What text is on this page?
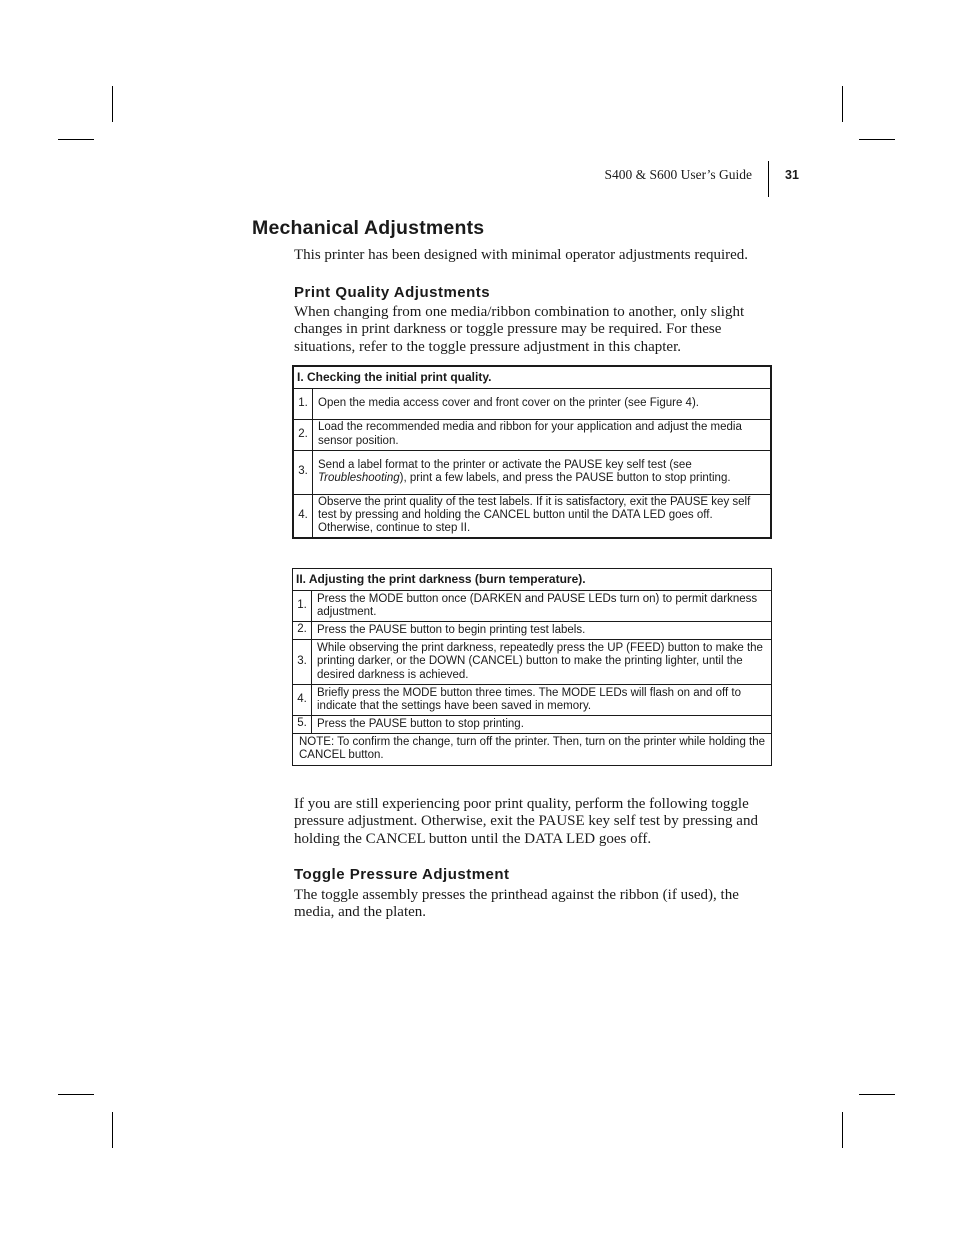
S400 & S600 User’s Guide	31
Mechanical Adjustments

This printer has been designed with minimal operator adjustments required.

Print Quality Adjustments

When changing from one media/ribbon combination to another, only slight changes in print darkness or toggle pressure may be required. For these situations, refer to the toggle pressure adjustment in this chapter.

I. Checking the initial print quality.	
1.	Open the media access cover and front cover on the printer (see Figure 4).
2.	Load the recommended media and ribbon for your application and adjust the media sensor position.
3.	Send a label format to the printer or activate the PAUSE key self test (see Troubleshooting), print a few labels, and press the PAUSE button to stop printing.
4.	Observe the print quality of the test labels. If it is satisfactory, exit the PAUSE key self test by pressing and holding the CANCEL button until the DATA LED goes off. Otherwise, continue to step II.
II. Adjusting the print darkness (burn temperature).	
1.	Press the MODE button once (DARKEN and PAUSE LEDs turn on) to permit darkness adjustment.
2.	Press the PAUSE button to begin printing test labels.
3.	While observing the print darkness, repeatedly press the UP (FEED) button to make the printing darker, or the DOWN (CANCEL) button to make the printing lighter, until the desired darkness is achieved.
4.	Briefly press the MODE button three times. The MODE LEDs will flash on and off to indicate that the settings have been saved in memory.
5.	Press the PAUSE button to stop printing.
NOTE: To confirm the change, turn off the printer. Then, turn on the printer while holding the CANCEL button.	

If you are still experiencing poor print quality, perform the following toggle pressure adjustment. Otherwise, exit the PAUSE key self test by pressing and holding the CANCEL button until the DATA LED goes off.

Toggle Pressure Adjustment

The toggle assembly presses the printhead against the ribbon (if used), the media, and the platen.
